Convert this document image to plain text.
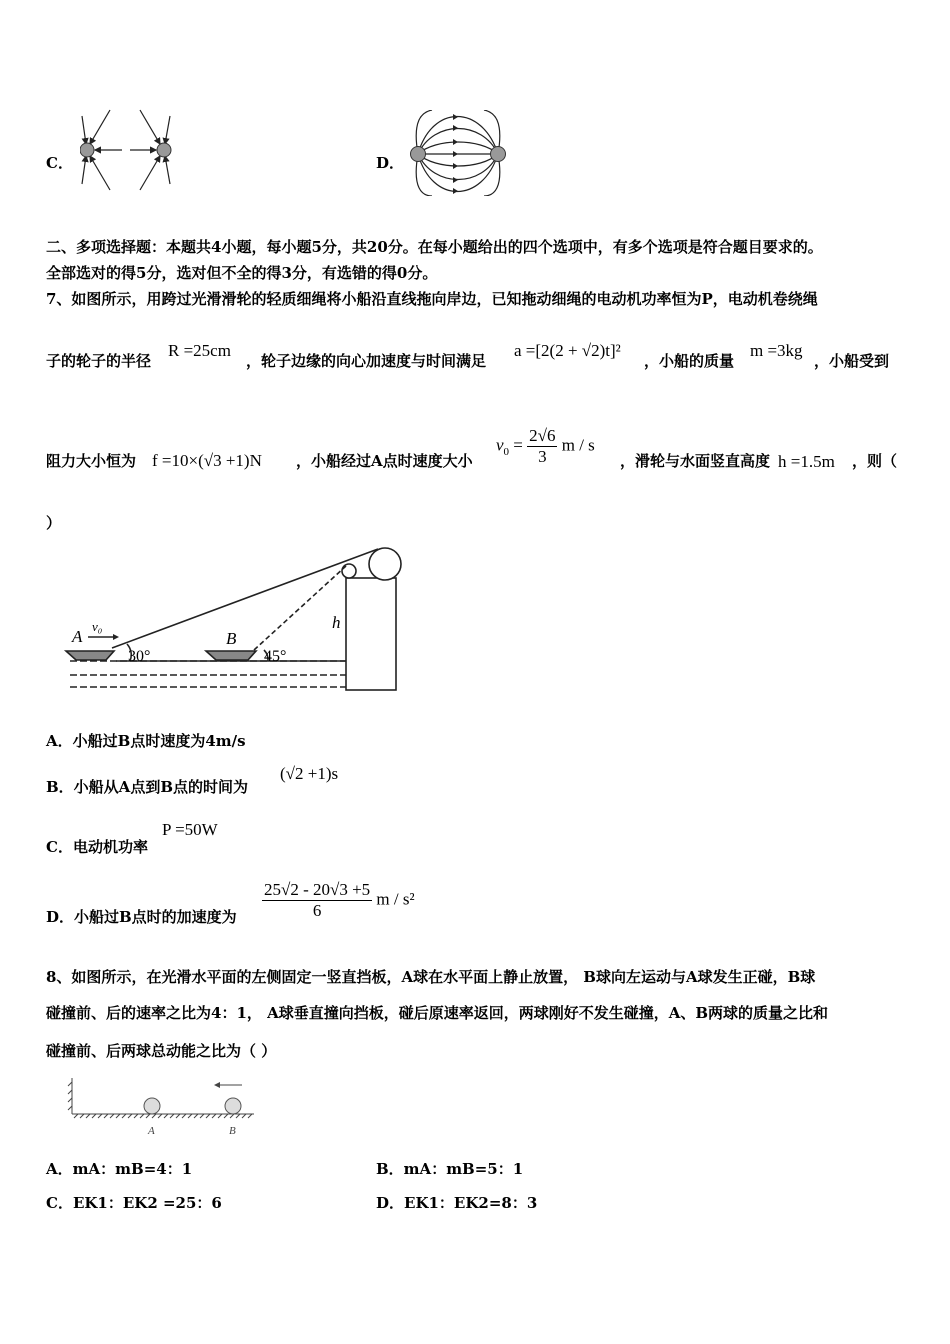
C．	D．
二、多项选择题：本题共4小题，每小题5分，共20分。在每小题给出的四个选项中，有多个选项是符合题目要求的。
全部选对的得5分，选对但不全的得3分，有选错的得0分。
7、如图所示，用跨过光滑滑轮的轻质细绳将小船沿直线拖向岸边，已知拖动细绳的电动机功率恒为P，电动机卷绕绳
子的轮子的半径
R =25cm
，轮子边缘的向心加速度与时间满足
a =[2(2 + √2)t]²
，小船的质量
m =3kg
，小船受到
阻力大小恒为 f =10×(√3 +1)N ，小船经过A点时速度大小
$v_0 = \frac{2√6}{3}$ m / s
，滑轮与水面竖直高度 h =1.5m ，则（
）
A
v₀
B
30°	45°
h
A．小船过B点时速度为4m/s
B．小船从A点到B点的时间为
(√2 +1)s
C．电动机功率
P =50W
D．小船过B点时的加速度为 $\frac{25√2 - 20√3 +5}{6}$ m / s²
8、如图所示，在光滑水平面的左侧固定一竖直挡板，A球在水平面上静止放置， B球向左运动与A球发生正碰，B球
碰撞前、后的速率之比为4：1， A球垂直撞向挡板，碰后原速率返回，两球刚好不发生碰撞，A、B两球的质量之比和
碰撞前、后两球总动能之比为（ ）
A	B
A．mA：mB=4：1	B．mA：mB=5：1
C．EK1：EK2 =25：6	D．EK1：EK2=8：3
